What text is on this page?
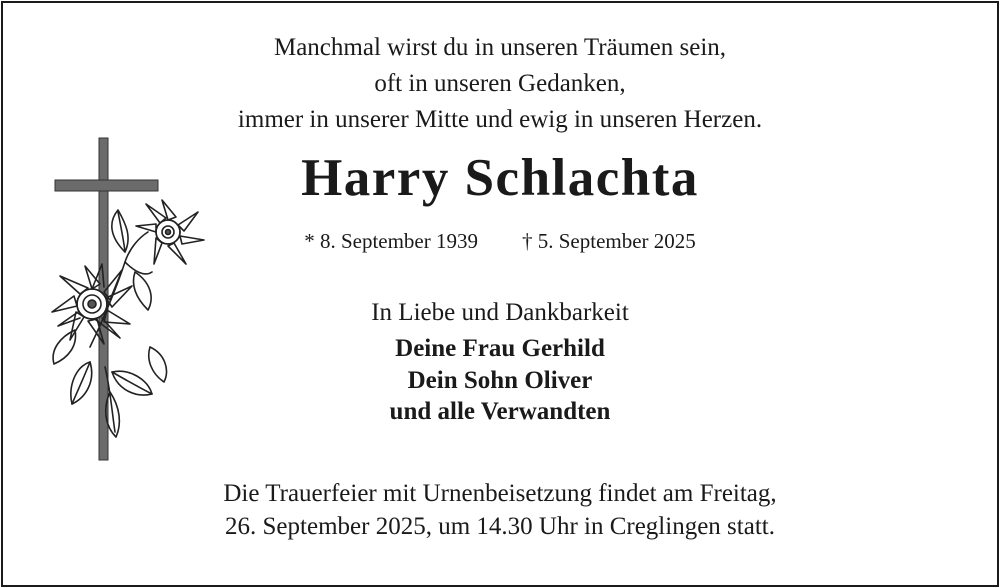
Manchmal wirst du in unseren Träumen sein,
oft in unseren Gedanken,
immer in unserer Mitte und ewig in unseren Herzen.
Harry Schlachta
* 8. September 1939 † 5. September 2025
In Liebe und Dankbarkeit
Deine Frau Gerhild
Dein Sohn Oliver
und alle Verwandten
Die Trauerfeier mit Urnenbeisetzung findet am Freitag,
26. September 2025, um 14.30 Uhr in Creglingen statt.
